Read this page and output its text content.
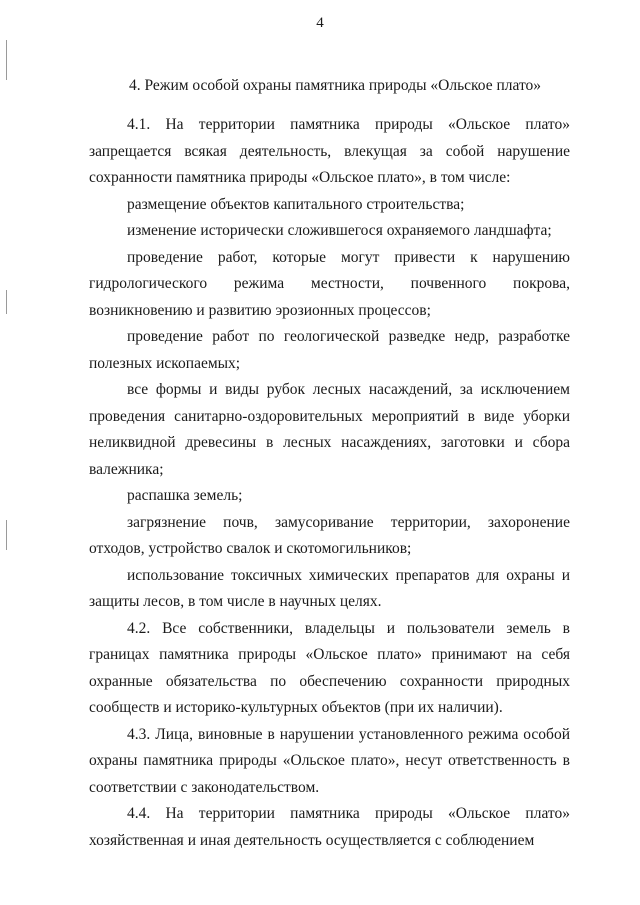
4
4. Режим особой охраны памятника природы «Ольское плато»

4.1. На территории памятника природы «Ольское плато» запрещается всякая деятельность, влекущая за собой нарушение сохранности памятника природы «Ольское плато», в том числе:

размещение объектов капитального строительства;

изменение исторически сложившегося охраняемого ландшафта;

проведение работ, которые могут привести к нарушению гидрологического режима местности, почвенного покрова, возникновению и развитию эрозионных процессов;

проведение работ по геологической разведке недр, разработке полезных ископаемых;

все формы и виды рубок лесных насаждений, за исключением проведения санитарно-оздоровительных мероприятий в виде уборки неликвидной древесины в лесных насаждениях, заготовки и сбора валежника;

распашка земель;

загрязнение почв, замусоривание территории, захоронение отходов, устройство свалок и скотомогильников;

использование токсичных химических препаратов для охраны и защиты лесов, в том числе в научных целях.

4.2. Все собственники, владельцы и пользователи земель в границах памятника природы «Ольское плато» принимают на себя охранные обязательства по обеспечению сохранности природных сообществ и историко-культурных объектов (при их наличии).

4.3. Лица, виновные в нарушении установленного режима особой охраны памятника природы «Ольское плато», несут ответственность в соответствии с законодательством.

4.4. На территории памятника природы «Ольское плато» хозяйственная и иная деятельность осуществляется с соблюдением
